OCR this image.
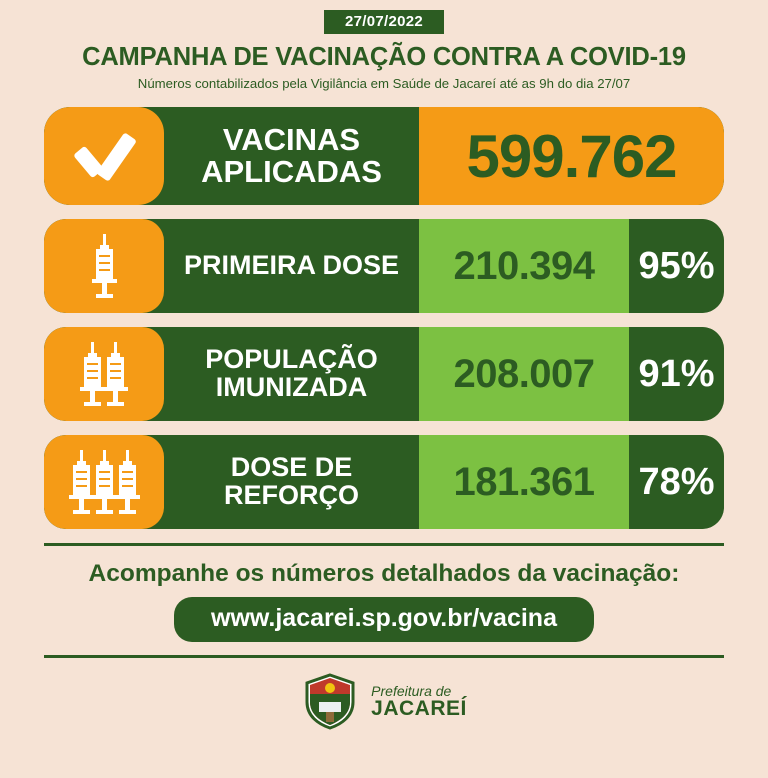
27/07/2022
CAMPANHA DE VACINAÇÃO CONTRA A COVID-19
Números contabilizados pela Vigilância em Saúde de Jacareí até as 9h do dia 27/07
VACINAS APLICADAS	599.762
PRIMEIRA DOSE	210.394	95%
POPULAÇÃO IMUNIZADA	208.007	91%
DOSE DE REFORÇO	181.361	78%
Acompanhe os números detalhados da vacinação:
www.jacarei.sp.gov.br/vacina
Prefeitura de
JACAREÍ
